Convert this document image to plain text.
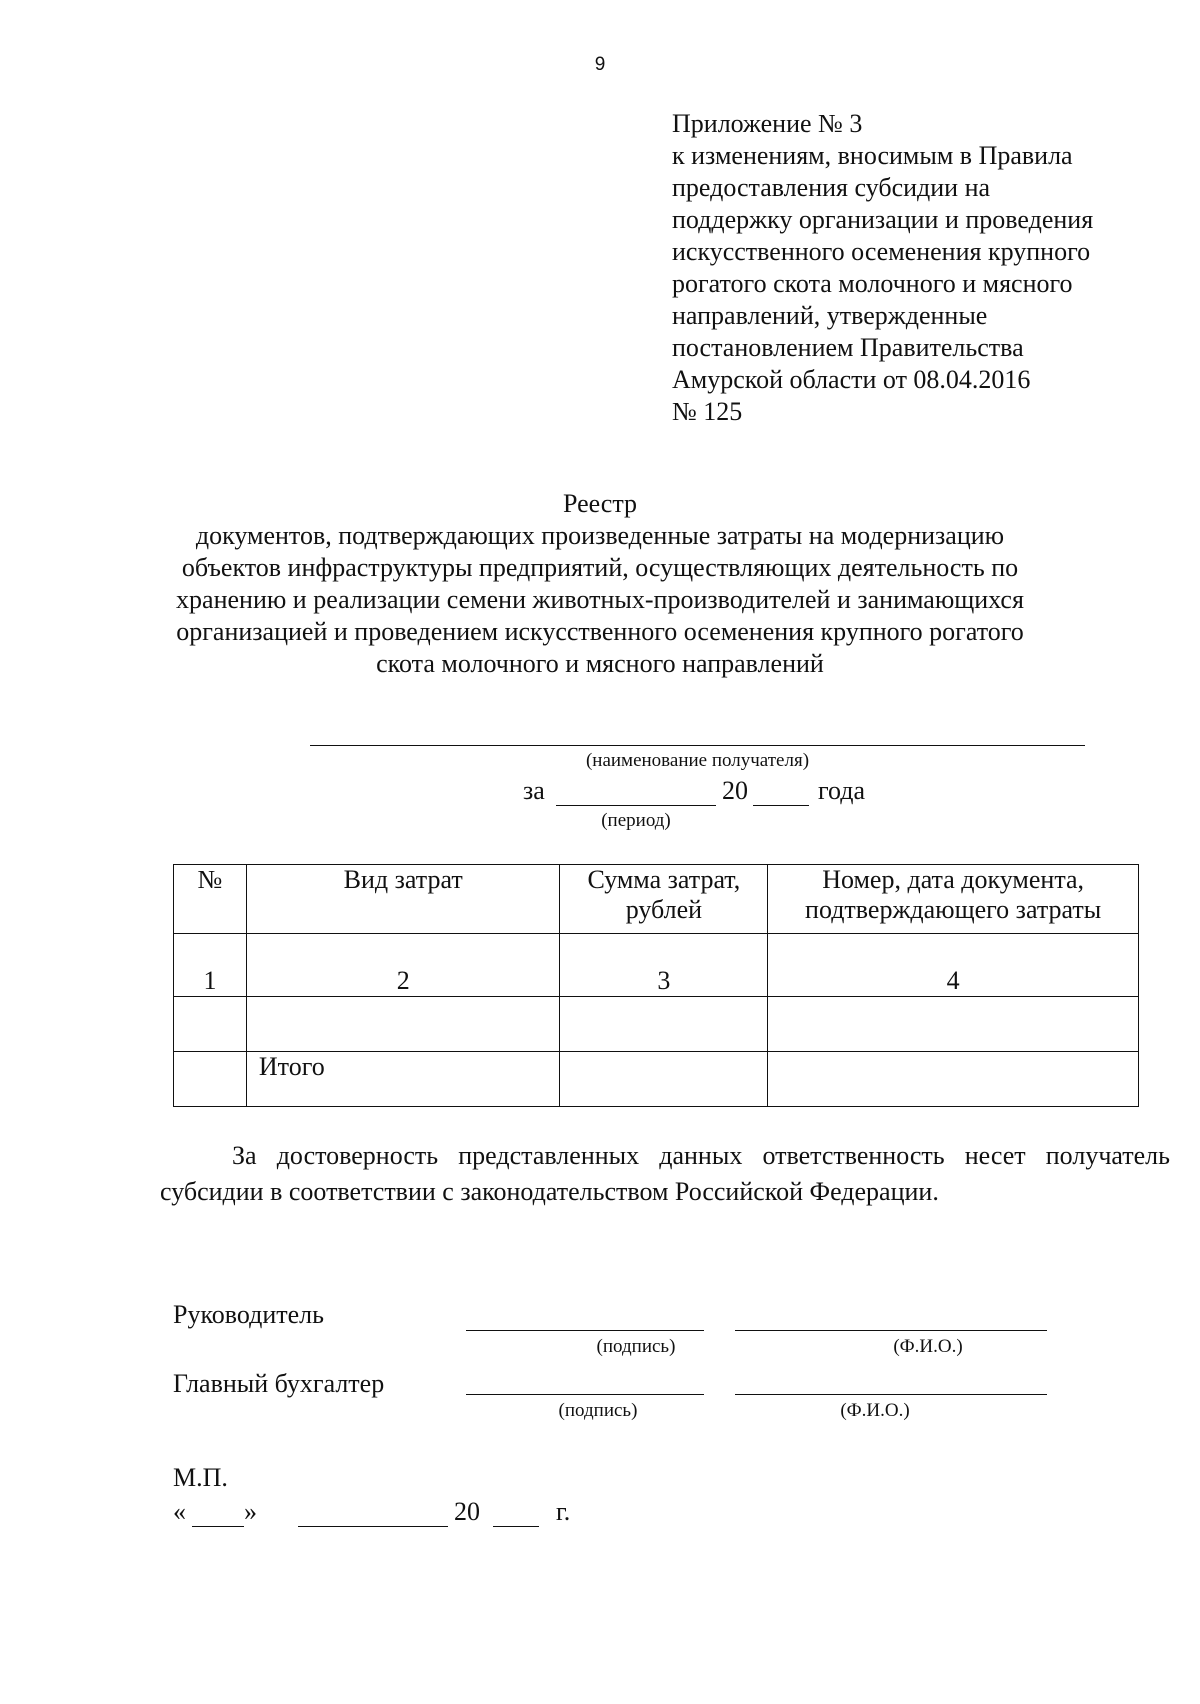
9
Приложение № 3
к изменениям, вносимым в Правила
предоставления субсидии на
поддержку организации и проведения
искусственного осеменения крупного
рогатого скота молочного и мясного
направлений, утвержденные
постановлением Правительства
Амурской области от 08.04.2016
№ 125
Реестр
документов, подтверждающих произведенные затраты на модернизацию
объектов инфраструктуры предприятий, осуществляющих деятельность по
хранению и реализации семени животных-производителей и занимающихся
организацией и проведением искусственного осеменения крупного рогатого
скота молочного и мясного направлений
(наименование получателя)
за	20	года
(период)
№	Вид затрат	Сумма затрат, рублей	Номер, дата документа, подтверждающего затраты
1	2	3	4

	Итого		
За достоверность представленных данных ответственность несет получатель субсидии в соответствии с законодательством Российской Федерации.
Руководитель
(подпись)	(Ф.И.О.)
Главный бухгалтер
(подпись)	(Ф.И.О.)
М.П.
« »	20	г.
